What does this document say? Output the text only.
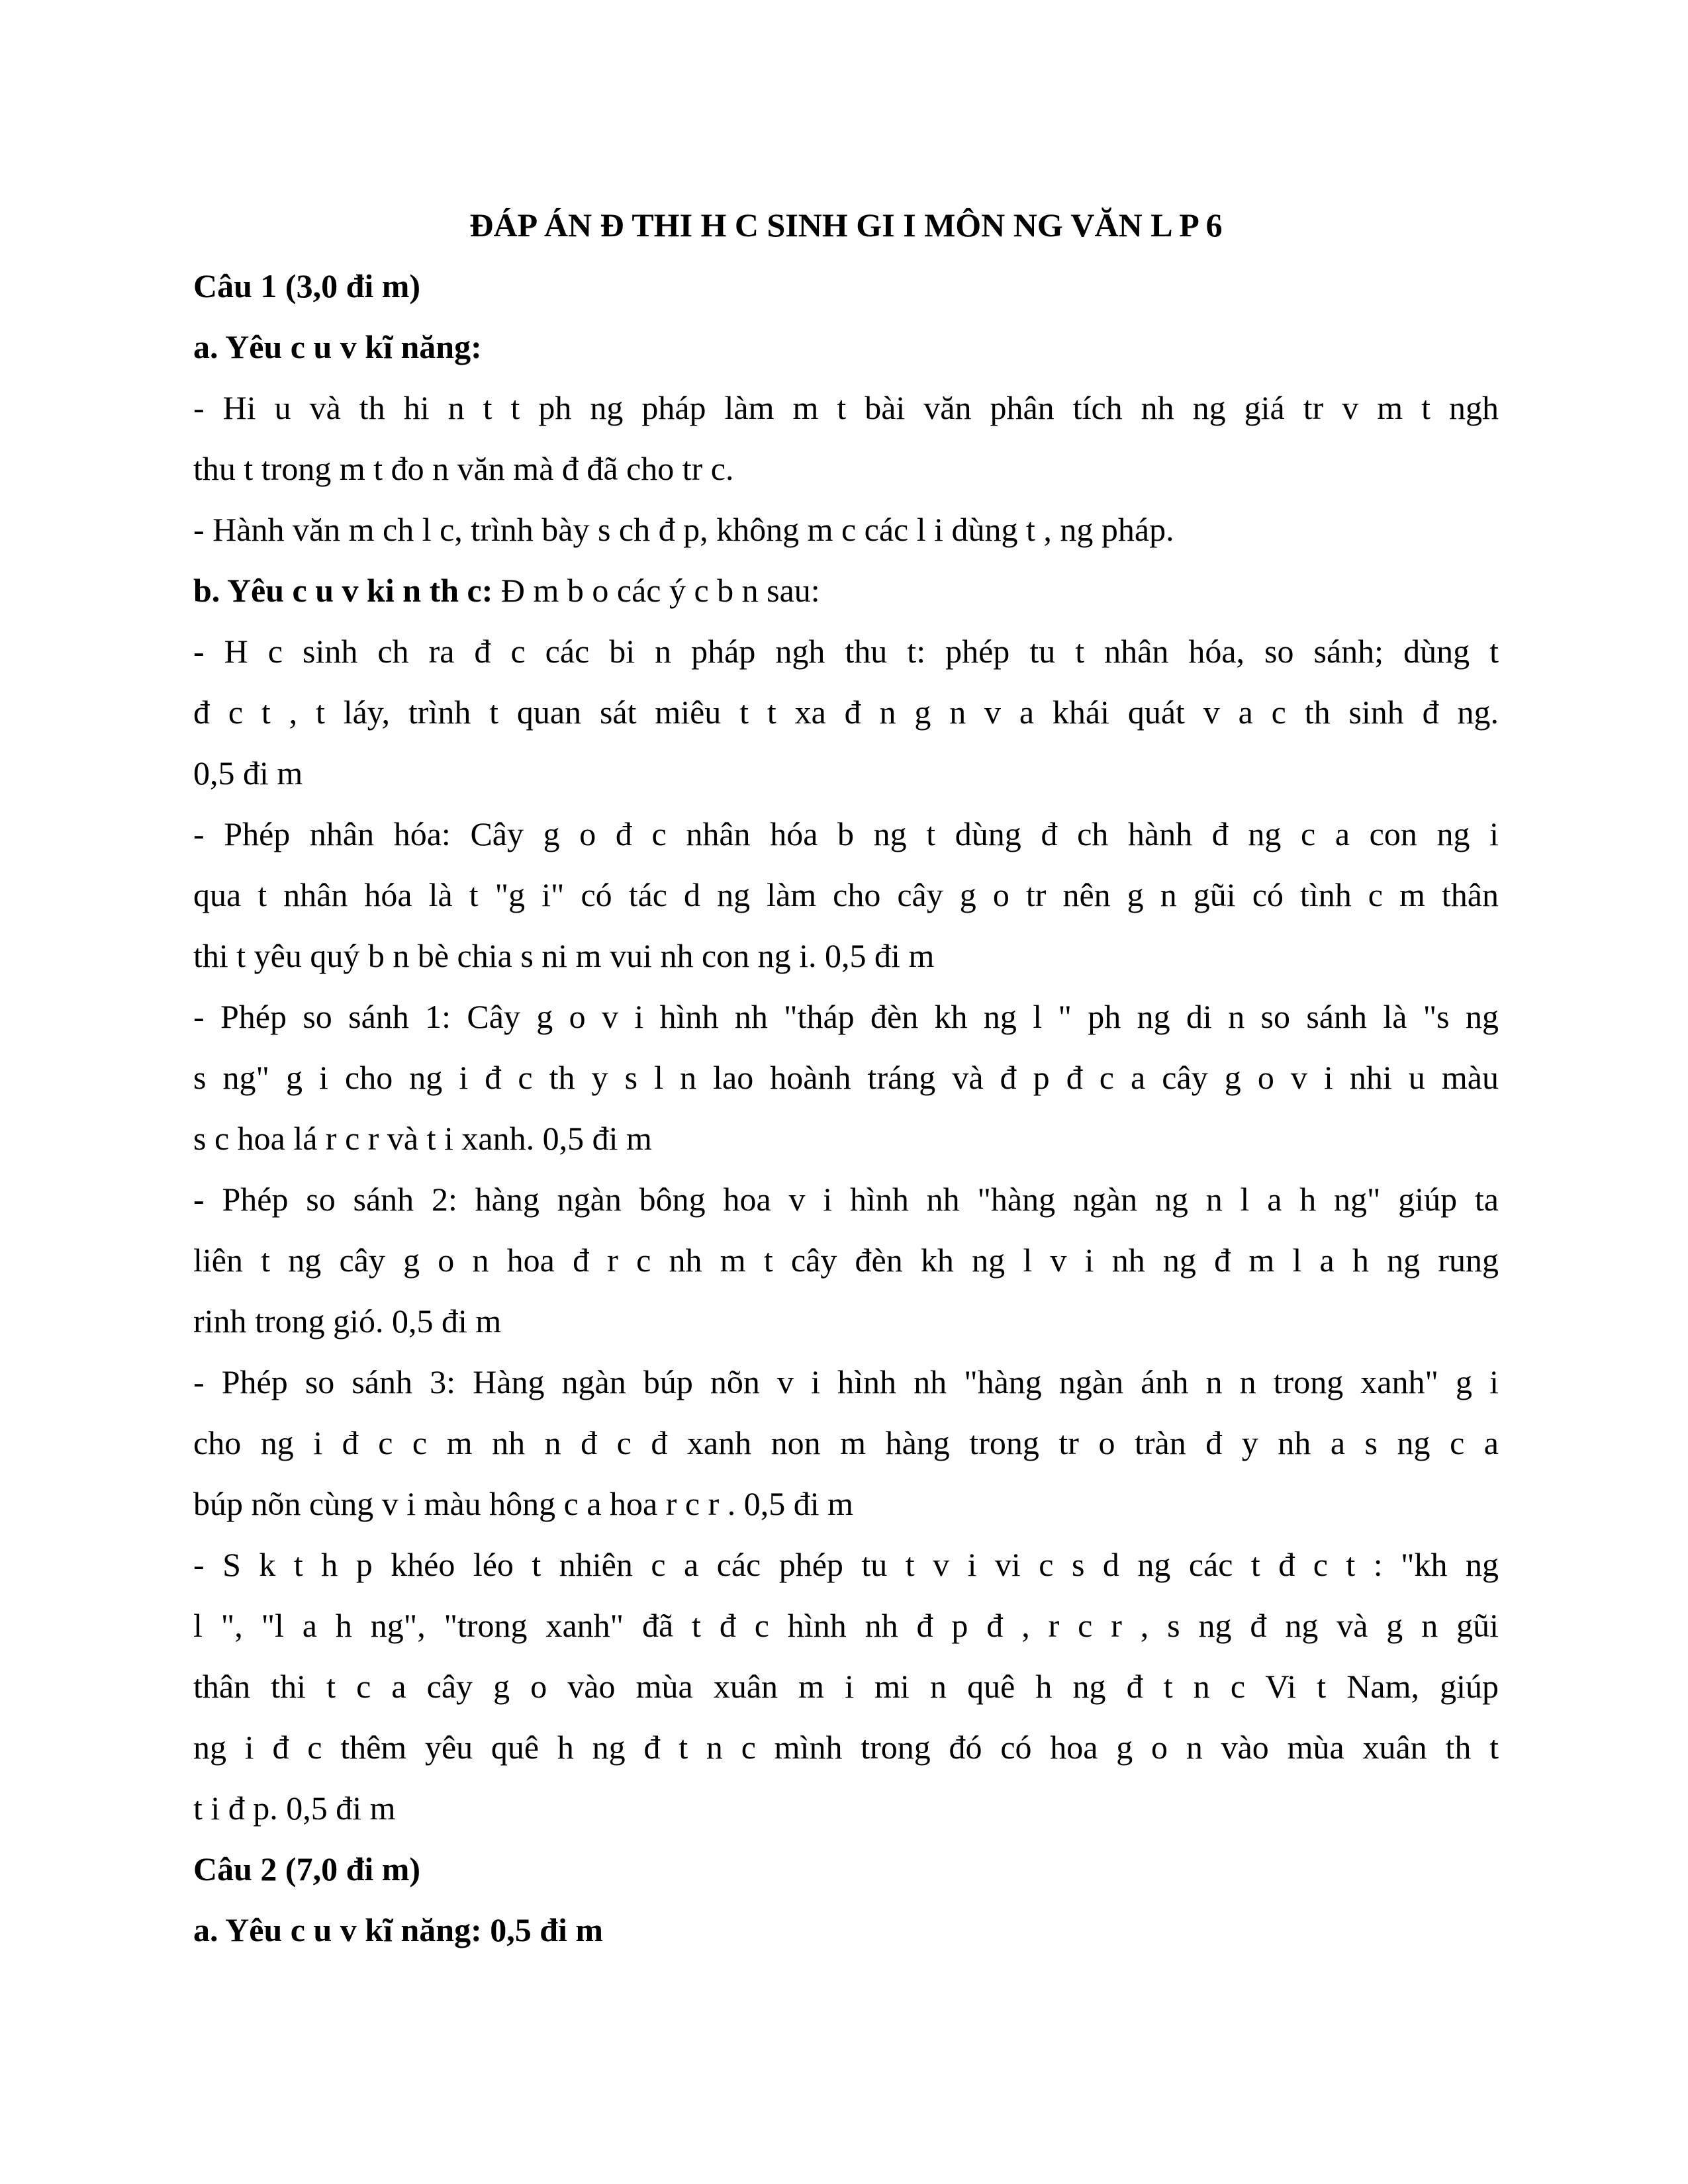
ĐÁP ÁN Đ THI H C SINH GI I MÔN NG VĂN L P 6
Câu 1 (3,0 đi m)
a. Yêu c u v kĩ năng:
- Hi u và th hi n t t ph ng pháp làm m t bài văn phân tích nh ng giá tr v m t ngh
thu t trong m t đo n văn mà đ đã cho tr c.
- Hành văn m ch l c, trình bày s ch đ p, không m c các l i dùng t , ng pháp.
b. Yêu c u v ki n th c: Đ m b o các ý c b n sau:
- H c sinh ch ra đ c các bi n pháp ngh thu t: phép tu t nhân hóa, so sánh; dùng t
đ c t , t láy, trình t quan sát miêu t t xa đ n g n v a khái quát v a c th sinh đ ng.
0,5 đi m
- Phép nhân hóa: Cây g o đ c nhân hóa b ng t dùng đ ch hành đ ng c a con ng i
qua t nhân hóa là t "g i" có tác d ng làm cho cây g o tr nên g n gũi có tình c m thân
thi t yêu quý b n bè chia s ni m vui nh con ng i. 0,5 đi m
- Phép so sánh 1: Cây g o v i hình nh "tháp đèn kh ng l " ph ng di n so sánh là "s ng
s ng" g i cho ng i đ c th y s l n lao hoành tráng và đ p đ c a cây g o v i nhi u màu
s c hoa lá r c r và t i xanh. 0,5 đi m
- Phép so sánh 2: hàng ngàn bông hoa v i hình nh "hàng ngàn ng n l a h ng" giúp ta
liên t ng cây g o n hoa đ r c nh m t cây đèn kh ng l v i nh ng đ m l a h ng rung
rinh trong gió. 0,5 đi m
- Phép so sánh 3: Hàng ngàn búp nõn v i hình nh "hàng ngàn ánh n n trong xanh" g i
cho ng i đ c c m nh n đ c đ xanh non m hàng trong tr o tràn đ y nh a s ng c a
búp nõn cùng v i màu hông c a hoa r c r . 0,5 đi m
- S k t h p khéo léo t nhiên c a các phép tu t v i vi c s d ng các t đ c t : "kh ng
l ", "l a h ng", "trong xanh" đã t đ c hình nh đ p đ , r c r , s ng đ ng và g n gũi
thân thi t c a cây g o vào mùa xuân m i mi n quê h ng đ t n c Vi t Nam, giúp
ng i đ c thêm yêu quê h ng đ t n c mình trong đó có hoa g o n vào mùa xuân th t
t i đ p. 0,5 đi m
Câu 2 (7,0 đi m)
a. Yêu c u v kĩ năng: 0,5 đi m
